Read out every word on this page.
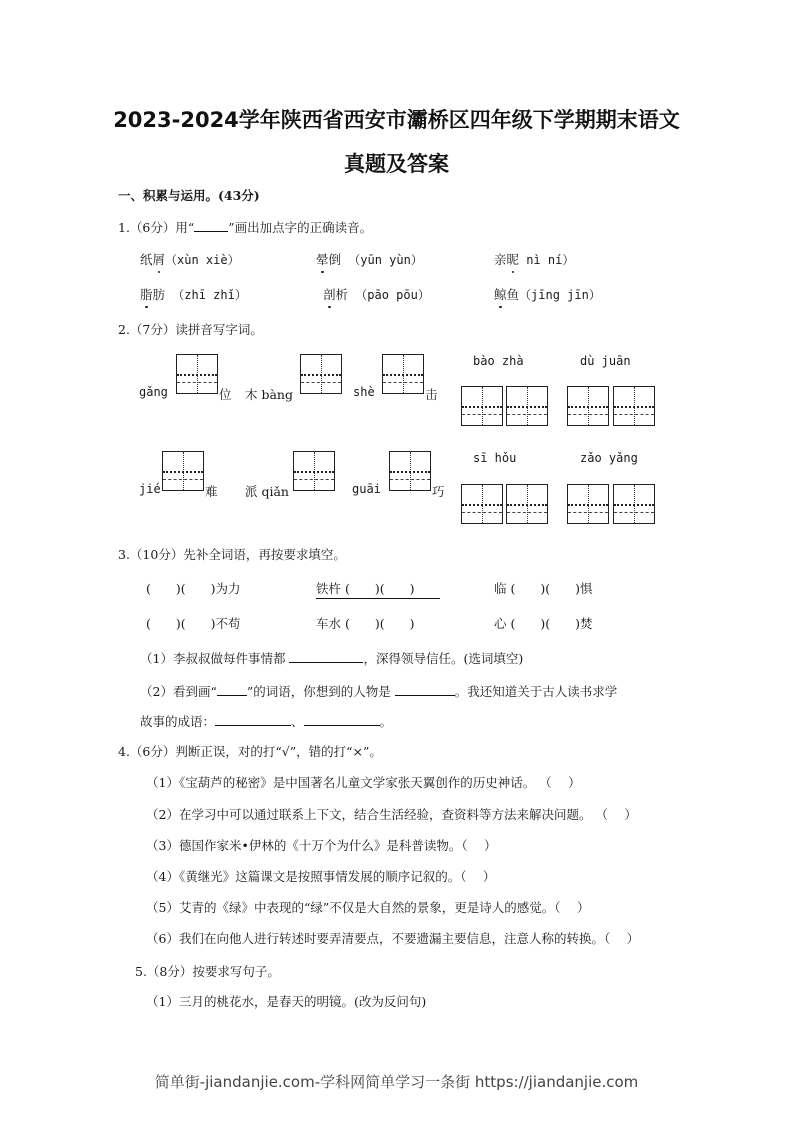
2023-2024学年陕西省西安市灞桥区四年级下学期期末语文
真题及答案
一、积累与运用。(43分)
1.（6分）用“	”画出加点字的正确读音。
纸屑（xùn xiè）	晕倒 （yūn yùn）	亲昵 nì ní）
脂肪 （zhī zhǐ）	剖析 （pāo pōu）	鲸鱼（jīng jīn）
2.（7分）读拼音写字词。
gǎng	位 木 bàng	shè	击
bào zhà	dù juān
jié	难 派 qiǎn	guāi	巧
sī hǒu	zǎo yǎng
3.（10分）先补全词语，再按要求填空。
(　　)(　　)为力	铁杵 (　　)(　　)	临 (　　)(　　)惧
(　　)(　　)不苟	车水 (　　)(　　)	心 (　　)(　　)焚
（1）李叔叔做每件事情都	，深得领导信任。(选词填空)
（2）看到画“ ”的词语，你想到的人物是	。我还知道关于古人读书求学
故事的成语：	、	。
4.（6分）判断正误，对的打“√”，错的打“×”。
（1）《宝葫芦的秘密》是中国著名儿童文学家张天翼创作的历史神话。 （　 ）
（2）在学习中可以通过联系上下文，结合生活经验，查资料等方法来解决问题。 （　 ）
（3）德国作家米•伊林的《十万个为什么》是科普读物。（　 ）
（4）《黄继光》这篇课文是按照事情发展的顺序记叙的。（　 ）
（5）艾青的《绿》中表现的“绿”不仅是大自然的景象，更是诗人的感觉。（　 ）
（6）我们在向他人进行转述时要弄清要点，不要遗漏主要信息，注意人称的转换。（　 ）
5.（8分）按要求写句子。
（1）三月的桃花水，是春天的明镜。(改为反问句)
简单街-jiandanjie.com-学科网简单学习一条街 https://jiandanjie.com
